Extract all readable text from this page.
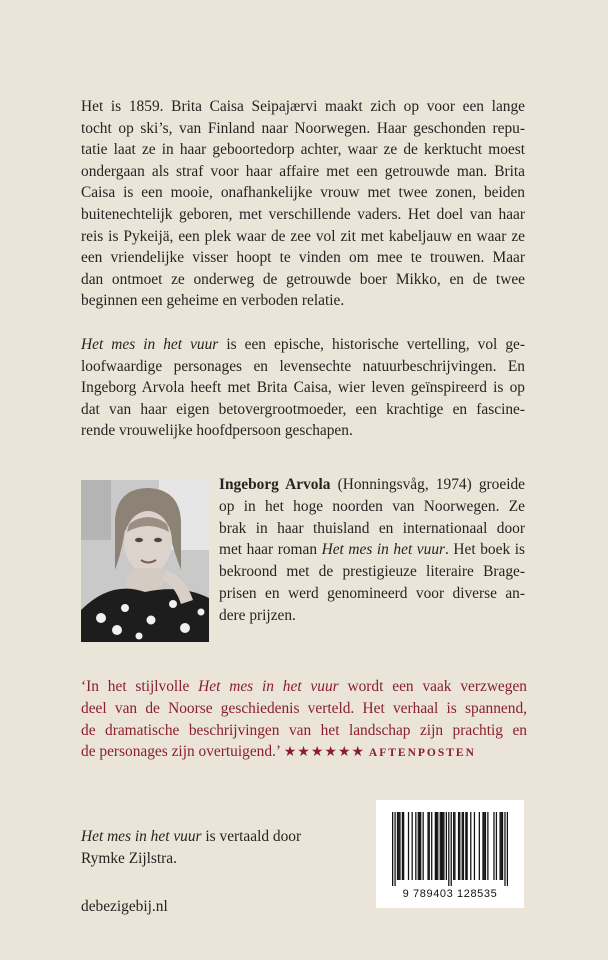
Het is 1859. Brita Caisa Seipajærvi maakt zich op voor een lange
tocht op ski’s, van Finland naar Noorwegen. Haar geschonden repu-
tatie laat ze in haar geboortedorp achter, waar ze de kerktucht moest
ondergaan als straf voor haar affaire met een getrouwde man. Brita
Caisa is een mooie, onafhankelijke vrouw met twee zonen, beiden
buitenechtelijk geboren, met verschillende vaders. Het doel van haar
reis is Pykeijä, een plek waar de zee vol zit met kabeljauw en waar ze
een vriendelijke visser hoopt te vinden om mee te trouwen. Maar
dan ontmoet ze onderweg de getrouwde boer Mikko, en de twee
beginnen een geheime en verboden relatie.
Het mes in het vuur is een epische, historische vertelling, vol ge-
loofwaardige personages en levensechte natuurbeschrijvingen. En
Ingeborg Arvola heeft met Brita Caisa, wier leven geïnspireerd is op
dat van haar eigen betovergrootmoeder, een krachtige en fascine-
rende vrouwelijke hoofdpersoon geschapen.
Ingeborg Arvola (Honningsvåg, 1974) groeide
op in het hoge noorden van Noorwegen. Ze
brak in haar thuisland en internationaal door
met haar roman Het mes in het vuur. Het boek is
bekroond met de prestigieuze literaire Brage-
prisen en werd genomineerd voor diverse an-
dere prijzen.
‘In het stijlvolle Het mes in het vuur wordt een vaak verzwegen
deel van de Noorse geschiedenis verteld. Het verhaal is spannend,
de dramatische beschrijvingen van het landschap zijn prachtig en
de personages zijn overtuigend.’ ★★★★★★ AFTENPOSTEN
Het mes in het vuur is vertaald door
Rymke Zijlstra.
debezigebij.nl
9 789403 128535
